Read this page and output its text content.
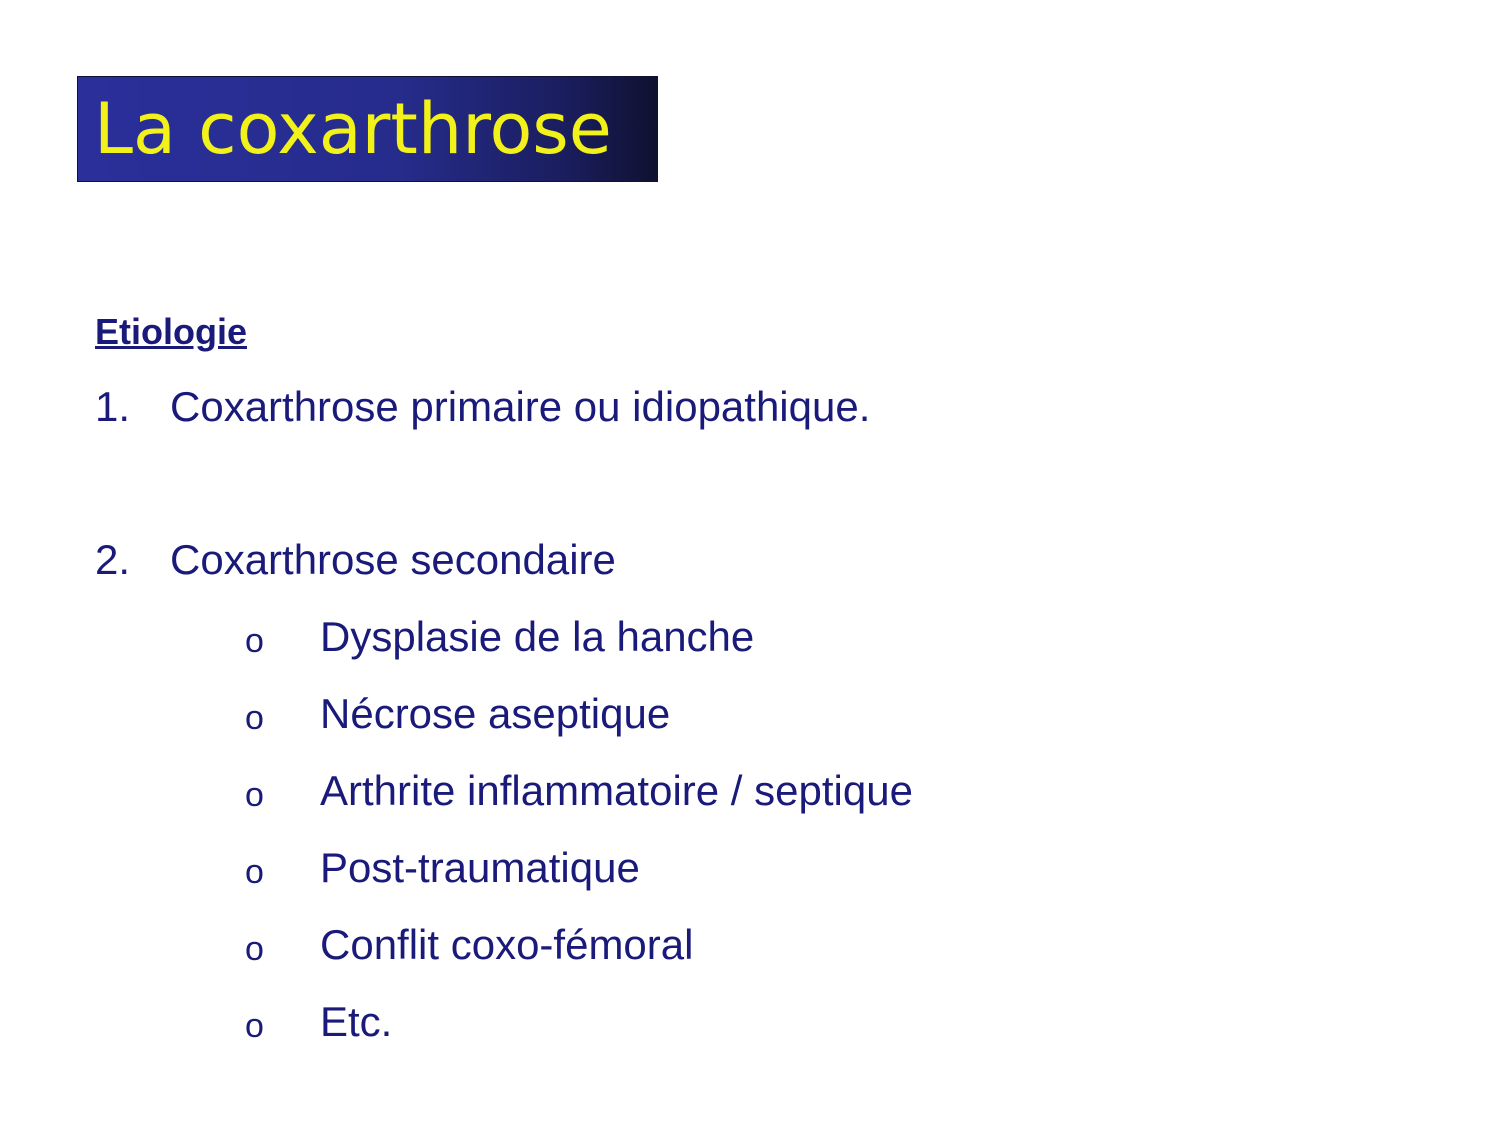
La coxarthrose
Etiologie
1. Coxarthrose primaire ou idiopathique.
2. Coxarthrose secondaire
o Dysplasie de la hanche
o Nécrose aseptique
o Arthrite inflammatoire / septique
o Post-traumatique
o Conflit coxo-fémoral
o Etc.
